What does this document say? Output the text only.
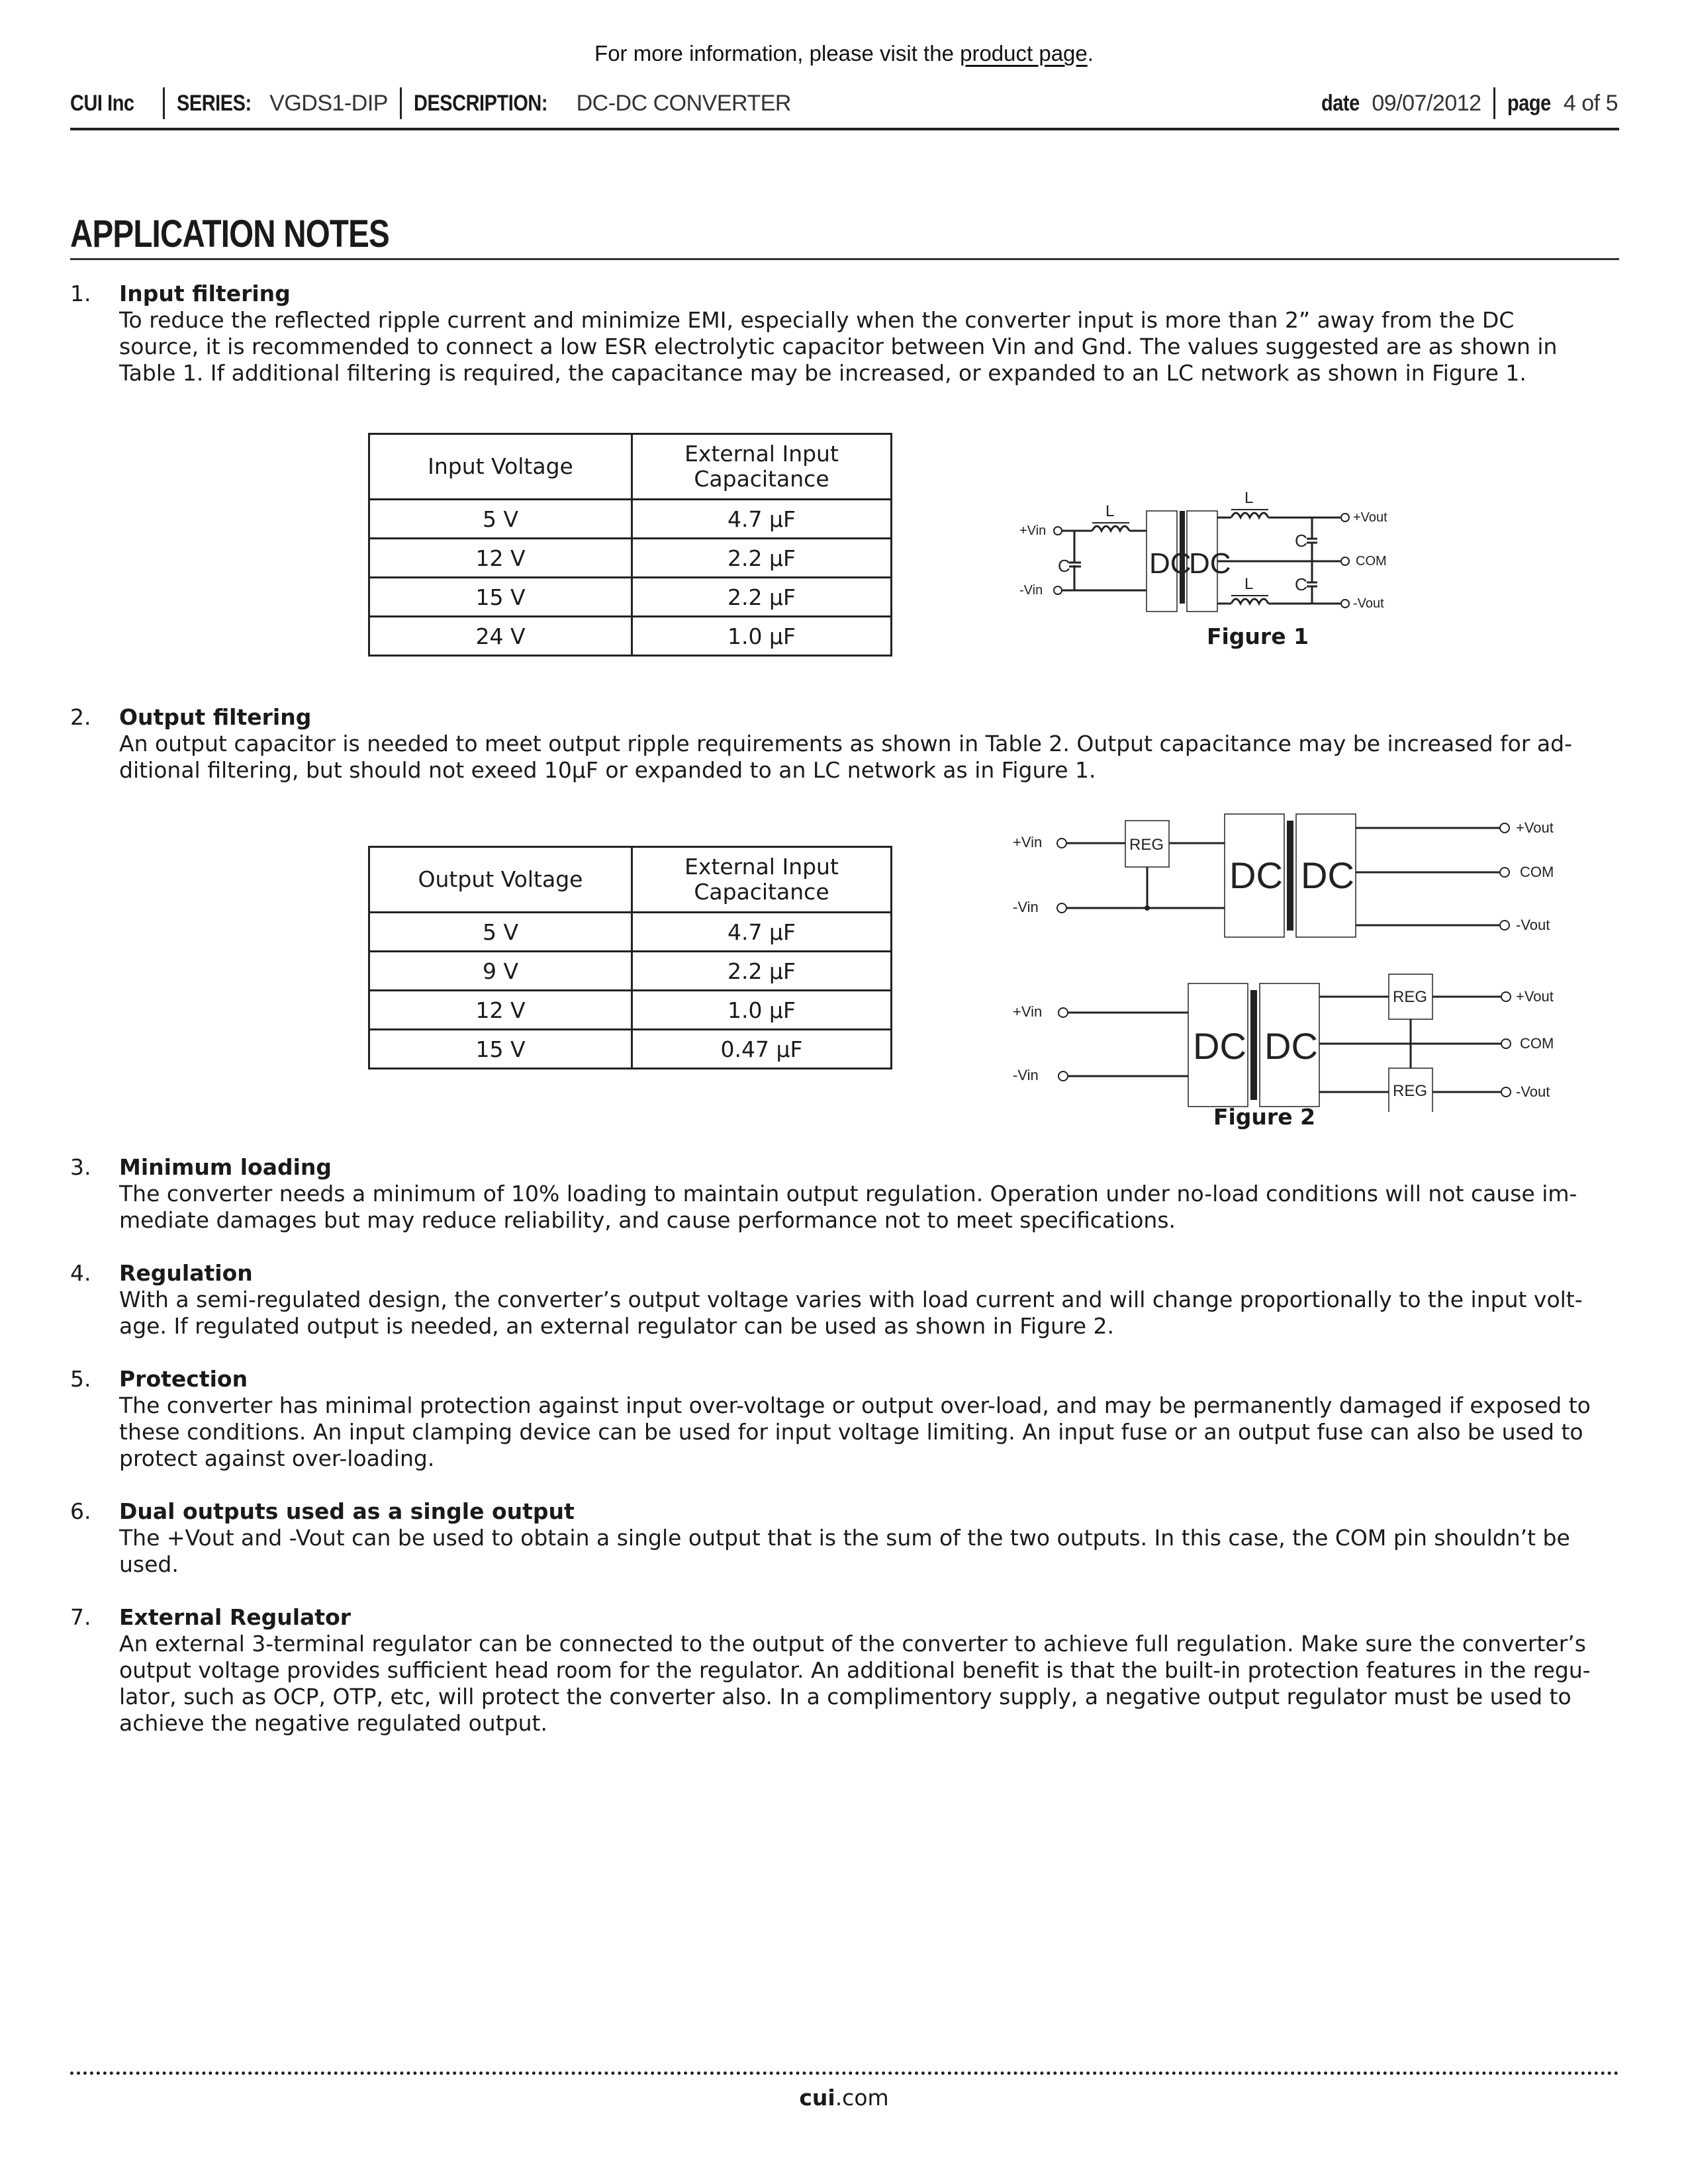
For more information, please visit the product page.
CUI Inc SERIES: VGDS1-DIP DESCRIPTION: DC-DC CONVERTER	date 09/07/2012 page 4 of 5
APPLICATION NOTES
1. Input filtering
To reduce the reflected ripple current and minimize EMI, especially when the converter input is more than 2” away from the DC
source, it is recommended to connect a low ESR electrolytic capacitor between Vin and Gnd. The values suggested are as shown in
Table 1. If additional filtering is required, the capacitance may be increased, or expanded to an LC network as shown in Figure 1.
2. Output filtering
An output capacitor is needed to meet output ripple requirements as shown in Table 2. Output capacitance may be increased for ad-
ditional filtering, but should not exeed 10µF or expanded to an LC network as in Figure 1.
3. Minimum loading
The converter needs a minimum of 10% loading to maintain output regulation. Operation under no-load conditions will not cause im-
mediate damages but may reduce reliability, and cause performance not to meet specifications.
4. Regulation
With a semi-regulated design, the converter’s output voltage varies with load current and will change proportionally to the input volt-
age. If regulated output is needed, an external regulator can be used as shown in Figure 2.
5. Protection
The converter has minimal protection against input over-voltage or output over-load, and may be permanently damaged if exposed to
these conditions. An input clamping device can be used for input voltage limiting. An input fuse or an output fuse can also be used to
protect against over-loading.
6. Dual outputs used as a single output
The +Vout and -Vout can be used to obtain a single output that is the sum of the two outputs. In this case, the COM pin shouldn’t be
used.
7. External Regulator
An external 3-terminal regulator can be connected to the output of the converter to achieve full regulation. Make sure the converter’s
output voltage provides sufficient head room for the regulator. An additional benefit is that the built-in protection features in the regu-
lator, such as OCP, OTP, etc, will protect the converter also. In a complimentory supply, a negative output regulator must be used to
achieve the negative regulated output.
Input Voltage	External Input
Capacitance
5 V	4.7 µF
12 V	2.2 µF
15 V	2.2 µF
24 V	1.0 µF
Output Voltage	External Input
Capacitance
5 V	4.7 µF
9 V	2.2 µF
12 V	1.0 µF
15 V	0.47 µF
+Vin
-Vin
C
L
DC
DC
L
L
C
C
+Vout
COM
-Vout
Figure 1
+Vin
-Vin
REG
DC DC
+Vout
COM
-Vout
+Vin
-Vin
DC DC
REG
REG
+Vout
COM
-Vout
Figure 2
cui.com
